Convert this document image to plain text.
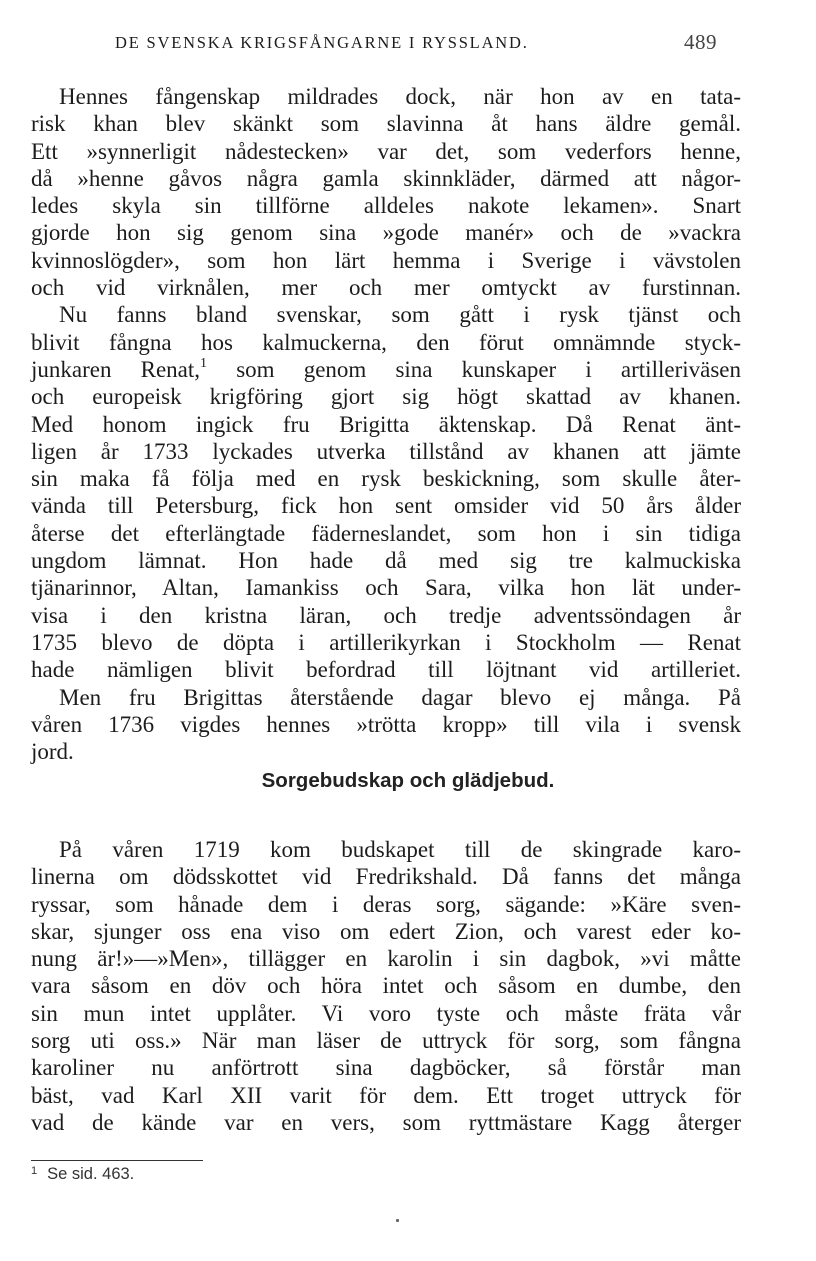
DE SVENSKA KRIGSFÅNGARNE I RYSSLAND.	489
Hennes fångenskap mildrades dock, när hon av en tata-
risk khan blev skänkt som slavinna åt hans äldre gemål.
Ett »synnerligit nådestecken» var det, som vederfors henne,
då »henne gåvos några gamla skinnkläder, därmed att någor-
ledes skyla sin tillförne alldeles nakote lekamen». Snart
gjorde hon sig genom sina »gode manér» och de »vackra
kvinnoslögder», som hon lärt hemma i Sverige i vävstolen
och vid virknålen, mer och mer omtyckt av furstinnan.
Nu fanns bland svenskar, som gått i rysk tjänst och
blivit fångna hos kalmuckerna, den förut omnämnde styck-
junkaren Renat,$^1$ som genom sina kunskaper i artilleriväsen
och europeisk krigföring gjort sig högt skattad av khanen.
Med honom ingick fru Brigitta äktenskap. Då Renat änt-
ligen år 1733 lyckades utverka tillstånd av khanen att jämte
sin maka få följa med en rysk beskickning, som skulle åter-
vända till Petersburg, fick hon sent omsider vid 50 års ålder
återse det efterlängtade fäderneslandet, som hon i sin tidiga
ungdom lämnat. Hon hade då med sig tre kalmuckiska
tjänarinnor, Altan, Iamankiss och Sara, vilka hon lät under-
visa i den kristna läran, och tredje adventssöndagen år
1735 blevo de döpta i artillerikyrkan i Stockholm — Renat
hade nämligen blivit befordrad till löjtnant vid artilleriet.
Men fru Brigittas återstående dagar blevo ej många. På
våren 1736 vigdes hennes »trötta kropp» till vila i svensk
jord.
Sorgebudskap och glädjebud.
På våren 1719 kom budskapet till de skingrade karo-
linerna om dödsskottet vid Fredrikshald. Då fanns det många
ryssar, som hånade dem i deras sorg, sägande: »Käre sven-
skar, sjunger oss ena viso om edert Zion, och varest eder ko-
nung är!»—»Men», tillägger en karolin i sin dagbok, »vi måtte
vara såsom en döv och höra intet och såsom en dumbe, den
sin mun intet upplåter. Vi voro tyste och måste fräta vår
sorg uti oss.» När man läser de uttryck för sorg, som fångna
karoliner nu anförtrott sina dagböcker, så förstår man
bäst, vad Karl XII varit för dem. Ett troget uttryck för
vad de kände var en vers, som ryttmästare Kagg återger
$^1$ Se sid. 463.
